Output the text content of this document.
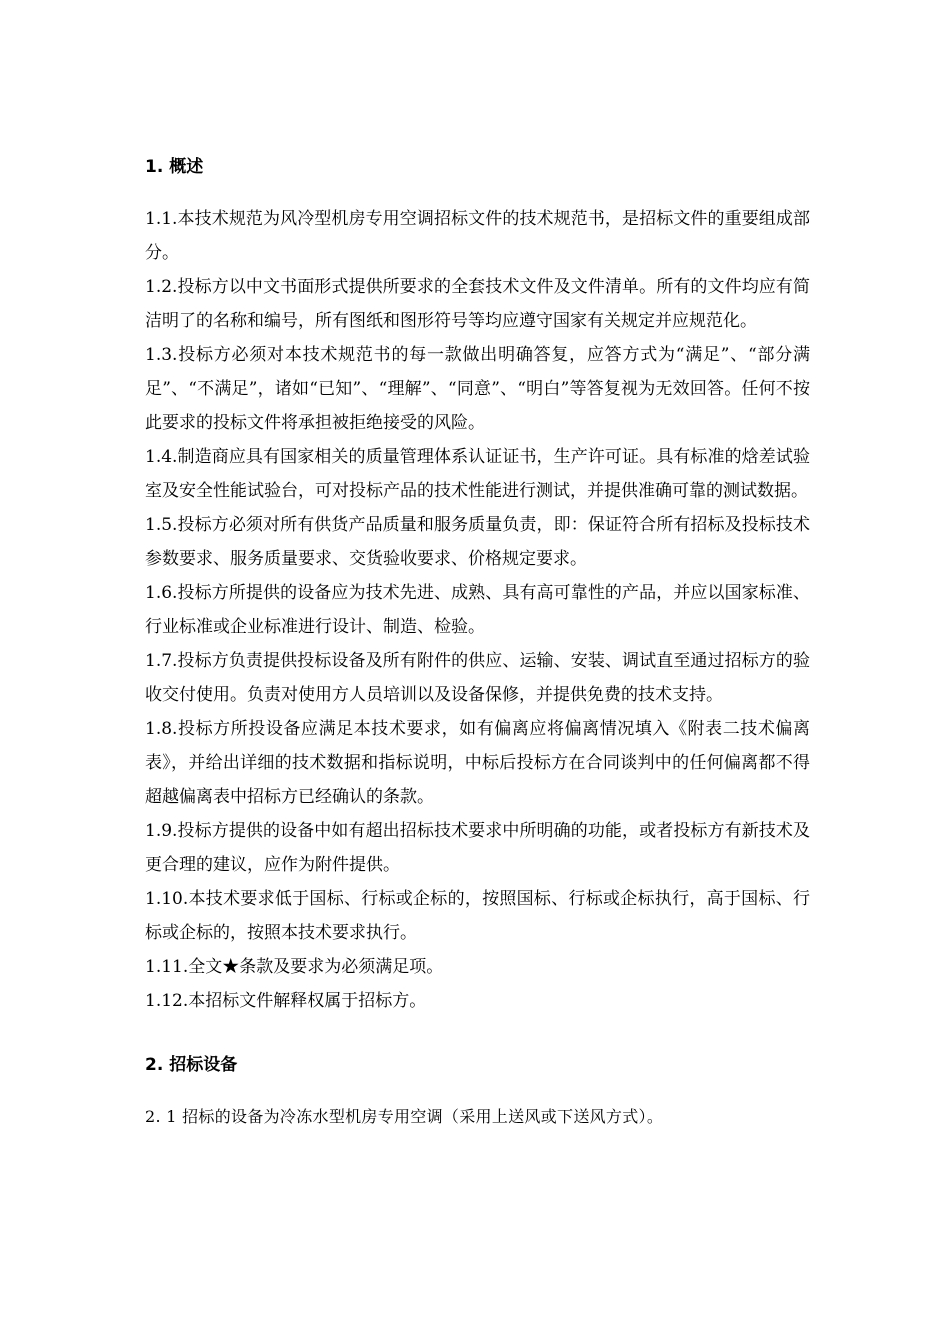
1. 概述

1.1.本技术规范为风冷型机房专用空调招标文件的技术规范书，是招标文件的重要组成部分。

1.2.投标方以中文书面形式提供所要求的全套技术文件及文件清单。所有的文件均应有简洁明了的名称和编号，所有图纸和图形符号等均应遵守国家有关规定并应规范化。

1.3.投标方必须对本技术规范书的每一款做出明确答复，应答方式为“满足”、“部分满足”、“不满足”，诸如“已知”、“理解”、“同意”、“明白”等答复视为无效回答。任何不按此要求的投标文件将承担被拒绝接受的风险。

1.4.制造商应具有国家相关的质量管理体系认证证书，生产许可证。具有标准的焓差试验室及安全性能试验台，可对投标产品的技术性能进行测试，并提供准确可靠的测试数据。

1.5.投标方必须对所有供货产品质量和服务质量负责，即：保证符合所有招标及投标技术参数要求、服务质量要求、交货验收要求、价格规定要求。

1.6.投标方所提供的设备应为技术先进、成熟、具有高可靠性的产品，并应以国家标准、行业标准或企业标准进行设计、制造、检验。

1.7.投标方负责提供投标设备及所有附件的供应、运输、安装、调试直至通过招标方的验收交付使用。负责对使用方人员培训以及设备保修，并提供免费的技术支持。

1.8.投标方所投设备应满足本技术要求，如有偏离应将偏离情况填入《附表二技术偏离表》，并给出详细的技术数据和指标说明，中标后投标方在合同谈判中的任何偏离都不得超越偏离表中招标方已经确认的条款。

1.9.投标方提供的设备中如有超出招标技术要求中所明确的功能，或者投标方有新技术及更合理的建议，应作为附件提供。

1.10.本技术要求低于国标、行标或企标的，按照国标、行标或企标执行，高于国标、行标或企标的，按照本技术要求执行。

1.11.全文★条款及要求为必须满足项。

1.12.本招标文件解释权属于招标方。

2. 招标设备

2. 1 招标的设备为冷冻水型机房专用空调（采用上送风或下送风方式）。
